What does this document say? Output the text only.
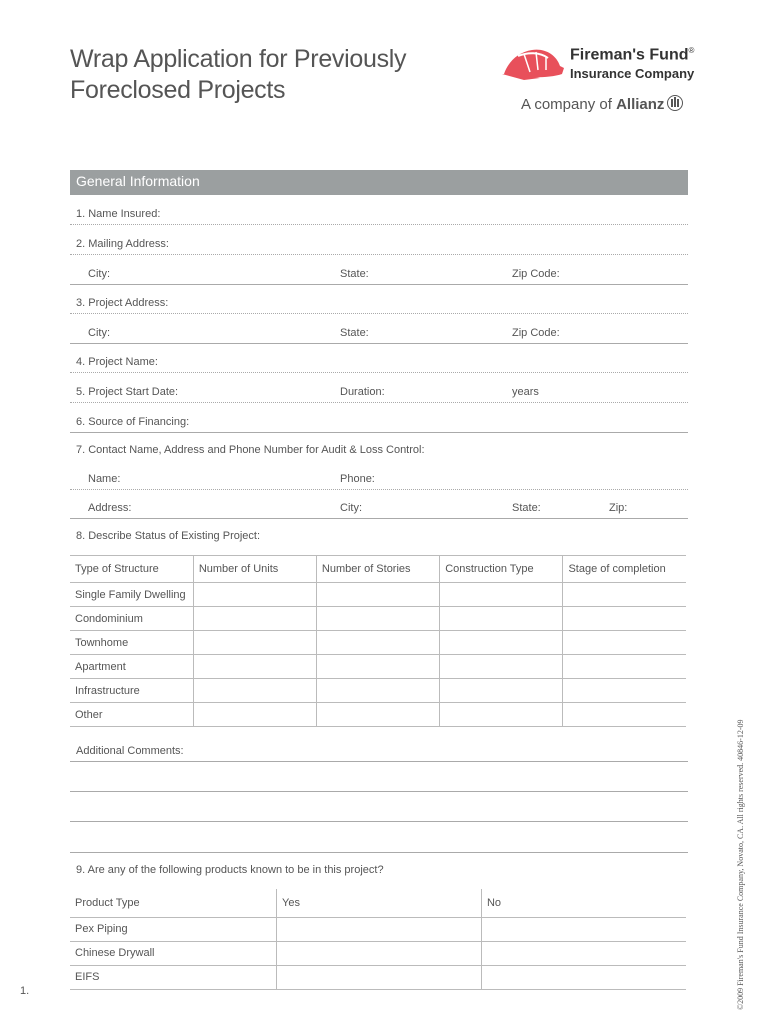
Wrap Application for Previously
Foreclosed Projects
Fireman's Fund®
Insurance Company
A company of Allianz
General Information
1. Name Insured:
2. Mailing Address:
City:	State:	Zip Code:
3. Project Address:
City:	State:	Zip Code:
4. Project Name:
5. Project Start Date:	Duration:	years
6. Source of Financing:
7. Contact Name, Address and Phone Number for Audit & Loss Control:
Name:	Phone:
Address:	City:	State:	Zip:
8. Describe Status of Existing Project:
Type of Structure	Number of Units	Number of Stories	Construction Type	Stage of completion
Single Family Dwelling				
Condominium				
Townhome				
Apartment				
Infrastructure				
Other				
Additional Comments:
9. Are any of the following products known to be in this project?
Product Type	Yes	No
Pex Piping		
Chinese Drywall		
EIFS		
1.	©2009 Fireman's Fund Insurance Company, Novato, CA. All rights reserved. 40846-12-09
